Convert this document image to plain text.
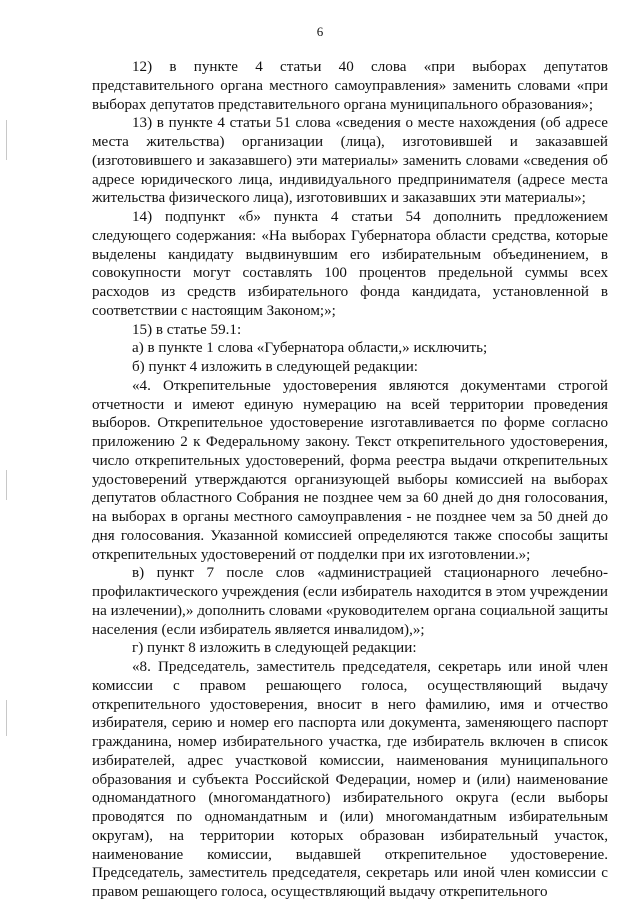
6

12) в пункте 4 статьи 40 слова «при выборах депутатов представительного органа местного самоуправления» заменить словами «при выборах депутатов представительного органа муниципального образования»;

13) в пункте 4 статьи 51 слова «сведения о месте нахождения (об адресе места жительства) организации (лица), изготовившей и заказавшей (изготовившего и заказавшего) эти материалы» заменить словами «сведения об адресе юридического лица, индивидуального предпринимателя (адресе места жительства физического лица), изготовивших и заказавших эти материалы»;

14) подпункт «б» пункта 4 статьи 54 дополнить предложением следующего содержания: «На выборах Губернатора области средства, которые выделены кандидату выдвинувшим его избирательным объединением, в совокупности могут составлять 100 процентов предельной суммы всех расходов из средств избирательного фонда кандидата, установленной в соответствии с настоящим Законом;»;

15) в статье 59.1:

а) в пункте 1 слова «Губернатора области,» исключить;

б) пункт 4 изложить в следующей редакции:

«4. Открепительные удостоверения являются документами строгой отчетности и имеют единую нумерацию на всей территории проведения выборов. Открепительное удостоверение изготавливается по форме согласно приложению 2 к Федеральному закону. Текст открепительного удостоверения, число открепительных удостоверений, форма реестра выдачи открепительных удостоверений утверждаются организующей выборы комиссией на выборах депутатов областного Собрания не позднее чем за 60 дней до дня голосования, на выборах в органы местного самоуправления - не позднее чем за 50 дней до дня голосования. Указанной комиссией определяются также способы защиты открепительных удостоверений от подделки при их изготовлении.»;

в) пункт 7 после слов «администрацией стационарного лечебно-профилактического учреждения (если избиратель находится в этом учреждении на излечении),» дополнить словами «руководителем органа социальной защиты населения (если избиратель является инвалидом),»;

г) пункт 8 изложить в следующей редакции:

«8. Председатель, заместитель председателя, секретарь или иной член комиссии с правом решающего голоса, осуществляющий выдачу открепительного удостоверения, вносит в него фамилию, имя и отчество избирателя, серию и номер его паспорта или документа, заменяющего паспорт гражданина, номер избирательного участка, где избиратель включен в список избирателей, адрес участковой комиссии, наименования муниципального образования и субъекта Российской Федерации, номер и (или) наименование одномандатного (многомандатного) избирательного округа (если выборы проводятся по одномандатным и (или) многомандатным избирательным округам), на территории которых образован избирательный участок, наименование комиссии, выдавшей открепительное удостоверение. Председатель, заместитель председателя, секретарь или иной член комиссии с правом решающего голоса, осуществляющий выдачу открепительного
